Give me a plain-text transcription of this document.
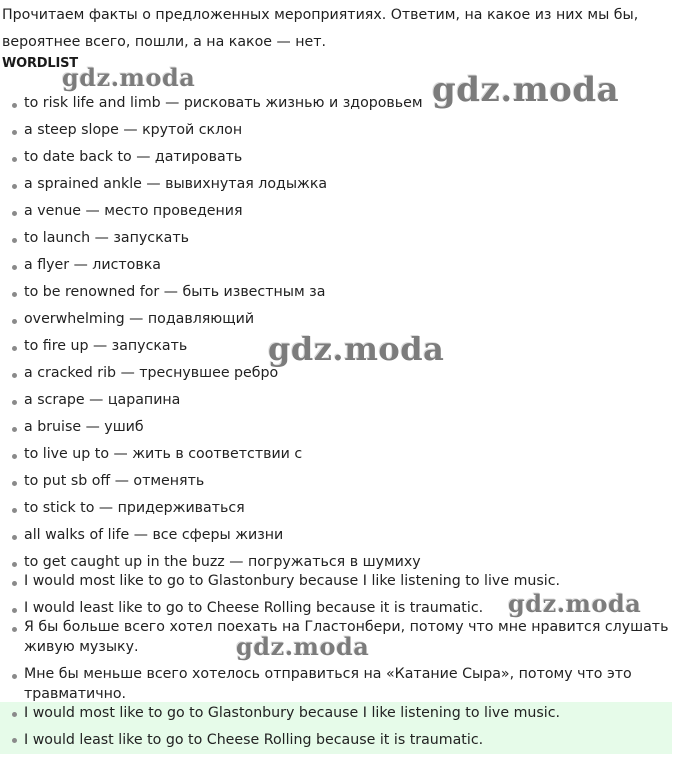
Прочитаем факты о предложенных мероприятиях. Ответим, на какое из них мы бы, вероятнее всего, пошли, а на какое — нет.
WORDLIST
to risk life and limb — рисковать жизнью и здоровьем
a steep slope — крутой склон
to date back to — датировать
a sprained ankle — вывихнутая лодыжка
a venue — место проведения
to launch — запускать
a flyer — листовка
to be renowned for — быть известным за
overwhelming — подавляющий
to fire up — запускать
a cracked rib — треснувшее ребро
a scrape — царапина
a bruise — ушиб
to live up to — жить в соответствии с
to put sb off — отменять
to stick to — придерживаться
all walks of life — все сферы жизни
to get caught up in the buzz — погружаться в шумиху
I would most like to go to Glastonbury because I like listening to live music.
I would least like to go to Cheese Rolling because it is traumatic.
Я бы больше всего хотел поехать на Гластонбери, потому что мне нравится слушать живую музыку.
Мне бы меньше всего хотелось отправиться на «Катание Сыра», потому что это травматично.
I would most like to go to Glastonbury because I like listening to live music.
I would least like to go to Cheese Rolling because it is traumatic.
gdz.moda	gdz.moda
gdz.moda
gdz.moda
gdz.moda
